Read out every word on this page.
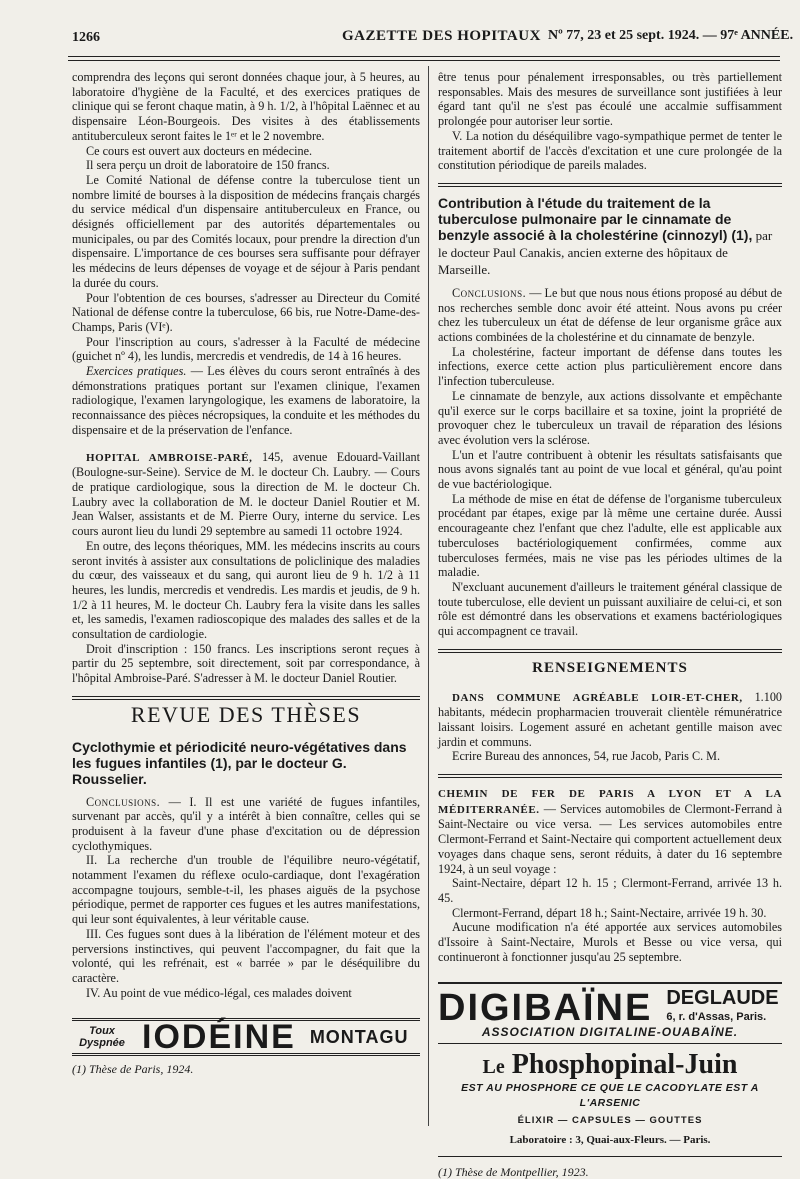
1266	GAZETTE DES HOPITAUX Nº 77, 23 et 25 sept. 1924. — 97ᵉ ANNÉE.

comprendra des leçons qui seront données chaque jour, à 5 heures, au laboratoire d'hygiène de la Faculté, et des exercices pratiques de clinique qui se feront chaque matin, à 9 h. 1/2, à l'hôpital Laënnec et au dispensaire Léon-Bourgeois. Des visites à des établissements antituberculeux seront faites le 1ᵉʳ et le 2 novembre.

Ce cours est ouvert aux docteurs en médecine.

Il sera perçu un droit de laboratoire de 150 francs.

Le Comité National de défense contre la tuberculose tient un nombre limité de bourses à la disposition de médecins français chargés du service médical d'un dispensaire antituberculeux en France, ou désignés officiellement par des autorités départementales ou municipales, ou par des Comités locaux, pour prendre la direction d'un dispensaire. L'importance de ces bourses sera suffisante pour défrayer les médecins de leurs dépenses de voyage et de séjour à Paris pendant la durée du cours.

Pour l'obtention de ces bourses, s'adresser au Directeur du Comité National de défense contre la tuberculose, 66 bis, rue Notre-Dame-des-Champs, Paris (VIᵉ).

Pour l'inscription au cours, s'adresser à la Faculté de médecine (guichet nº 4), les lundis, mercredis et vendredis, de 14 à 16 heures.

Exercices pratiques. — Les élèves du cours seront entraînés à des démonstrations pratiques portant sur l'examen clinique, l'examen radiologique, l'examen laryngologique, les examens de laboratoire, la reconnaissance des pièces nécropsiques, la conduite et les méthodes du dispensaire et de la préservation de l'enfance.

HOPITAL AMBROISE-PARÉ, 145, avenue Edouard-Vaillant (Boulogne-sur-Seine). Service de M. le docteur Ch. Laubry. — Cours de pratique cardiologique, sous la direction de M. le docteur Ch. Laubry avec la collaboration de M. le docteur Daniel Routier et M. Jean Walser, assistants et de M. Pierre Oury, interne du service. Les cours auront lieu du lundi 29 septembre au samedi 11 octobre 1924.

En outre, des leçons théoriques, MM. les médecins inscrits au cours seront invités à assister aux consultations de policlinique des maladies du cœur, des vaisseaux et du sang, qui auront lieu de 9 h. 1/2 à 11 heures, les lundis, mercredis et vendredis. Les mardis et jeudis, de 9 h. 1/2 à 11 heures, M. le docteur Ch. Laubry fera la visite dans les salles et, les samedis, l'examen radioscopique des malades des salles et de la consultation de cardiologie.

Droit d'inscription : 150 francs. Les inscriptions seront reçues à partir du 25 septembre, soit directement, soit par correspondance, à l'hôpital Ambroise-Paré. S'adresser à M. le docteur Daniel Routier.

REVUE DES THÈSES
Cyclothymie et périodicité neuro-végétatives dans les fugues infantiles (1), par le docteur G. Rousselier.

Conclusions. — I. Il est une variété de fugues infantiles, survenant par accès, qu'il y a intérêt à bien connaître, celles qui se produisent à la faveur d'une phase d'excitation ou de dépression cyclothymiques.

II. La recherche d'un trouble de l'équilibre neuro-végétatif, notamment l'examen du réflexe oculo-cardiaque, dont l'exagération accompagne toujours, semble-t-il, les phases aiguës de la psychose périodique, permet de rapporter ces fugues et les autres manifestations, qui leur sont équivalentes, à leur véritable cause.

III. Ces fugues sont dues à la libération de l'élément moteur et des perversions instinctives, qui peuvent l'accompagner, du fait que la volonté, qui les refrénait, est « barrée » par le déséquilibre du caractère.

IV. Au point de vue médico-légal, ces malades doivent

Toux Dyspnée IODÉINE MONTAGU
(1) Thèse de Paris, 1924.

être tenus pour pénalement irresponsables, ou très partiellement responsables. Mais des mesures de surveillance sont justifiées à leur égard tant qu'il ne s'est pas écoulé une accalmie suffisamment prolongée pour autoriser leur sortie.

V. La notion du déséquilibre vago-sympathique permet de tenter le traitement abortif de l'accès d'excitation et une cure prolongée de la constitution périodique de pareils malades.

Contribution à l'étude du traitement de la tuberculose pulmonaire par le cinnamate de benzyle associé à la cholestérine (cinnozyl) (1), par le docteur Paul Canakis, ancien externe des hôpitaux de Marseille.

Conclusions. — Le but que nous nous étions proposé au début de nos recherches semble donc avoir été atteint. Nous avons pu créer chez les tuberculeux un état de défense de leur organisme grâce aux actions combinées de la cholestérine et du cinnamate de benzyle.

La cholestérine, facteur important de défense dans toutes les infections, exerce cette action plus particulièrement encore dans l'infection tuberculeuse.

Le cinnamate de benzyle, aux actions dissolvante et empêchante qu'il exerce sur le corps bacillaire et sa toxine, joint la propriété de provoquer chez le tuberculeux un travail de réparation des lésions avec évolution vers la sclérose.

L'un et l'autre contribuent à obtenir les résultats satisfaisants que nous avons signalés tant au point de vue local et général, qu'au point de vue bactériologique.

La méthode de mise en état de défense de l'organisme tuberculeux procédant par étapes, exige par là même une certaine durée. Aussi encourageante chez l'enfant que chez l'adulte, elle est applicable aux tuberculoses bactériologiquement confirmées, comme aux tuberculoses fermées, mais ne vise pas les périodes ultimes de la maladie.

N'excluant aucunement d'ailleurs le traitement général classique de toute tuberculose, elle devient un puissant auxiliaire de celui-ci, et son rôle est démontré dans les observations et examens bactériologiques qui accompagnent ce travail.

RENSEIGNEMENTS

DANS COMMUNE AGRÉABLE LOIR-ET-CHER, 1.100 habitants, médecin propharmacien trouverait clientèle rémunératrice laissant loisirs. Logement assuré en achetant gentille maison avec jardin et communs.

Ecrire Bureau des annonces, 54, rue Jacob, Paris C. M.

CHEMIN DE FER DE PARIS A LYON ET A LA MÉDITERRANÉE. — Services automobiles de Clermont-Ferrand à Saint-Nectaire ou vice versa. — Les services automobiles entre Clermont-Ferrand et Saint-Nectaire qui comportent actuellement deux voyages dans chaque sens, seront réduits, à dater du 16 septembre 1924, à un seul voyage :

Saint-Nectaire, départ 12 h. 15 ; Clermont-Ferrand, arrivée 13 h. 45.

Clermont-Ferrand, départ 18 h.; Saint-Nectaire, arrivée 19 h. 30.

Aucune modification n'a été apportée aux services automobiles d'Issoire à Saint-Nectaire, Murols et Besse ou vice versa, qui continueront à fonctionner jusqu'au 25 septembre.

DIGIBAÏNE DEGLAUDE
6, r. d'Assas, Paris.
ASSOCIATION DIGITALINE-OUABAÏNE.
Le Phosphopinal-Juin
EST AU PHOSPHORE CE QUE LE CACODYLATE EST A L'ARSENIC
ÉLIXIR — CAPSULES — GOUTTES
Laboratoire : 3, Quai-aux-Fleurs. — Paris.
(1) Thèse de Montpellier, 1923.
